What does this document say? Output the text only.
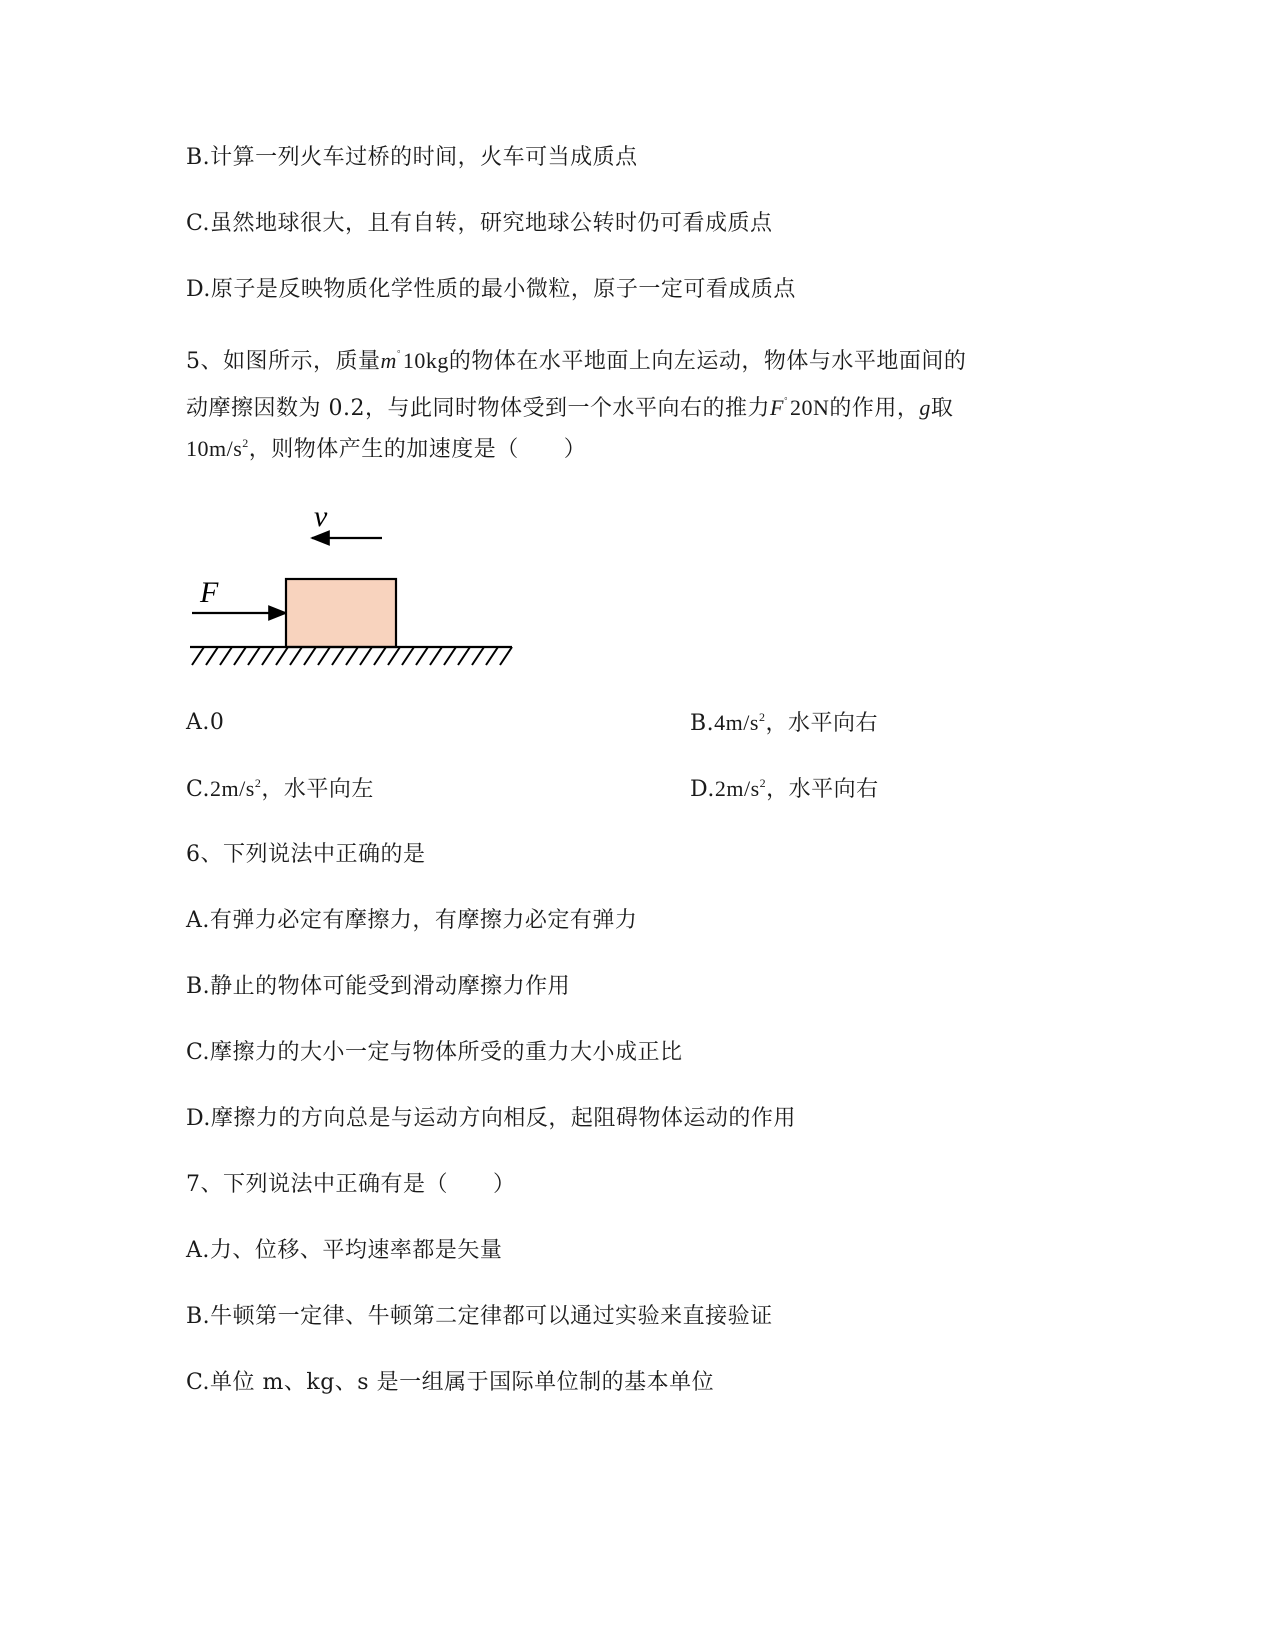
B.计算一列火车过桥的时间，火车可当成质点
C.虽然地球很大，且有自转，研究地球公转时仍可看成质点
D.原子是反映物质化学性质的最小微粒，原子一定可看成质点
5、如图所示，质量$m^ﾟ10kg$的物体在水平地面上向左运动，物体与水平地面间的
动摩擦因数为 0.2，与此同时物体受到一个水平向右的推力$F^ﾟ20N$的作用，g取
$10m/s^2$，则物体产生的加速度是（　　）
v
F
A.0	$B.4m/s^2$，水平向右
$C.2m/s^2$，水平向左	$D.2m/s^2$，水平向右
6、下列说法中正确的是
A.有弹力必定有摩擦力，有摩擦力必定有弹力
B.静止的物体可能受到滑动摩擦力作用
C.摩擦力的大小一定与物体所受的重力大小成正比
D.摩擦力的方向总是与运动方向相反，起阻碍物体运动的作用
7、下列说法中正确有是（　　）
A.力、位移、平均速率都是矢量
B.牛顿第一定律、牛顿第二定律都可以通过实验来直接验证
C.单位 m、kg、s 是一组属于国际单位制的基本单位
